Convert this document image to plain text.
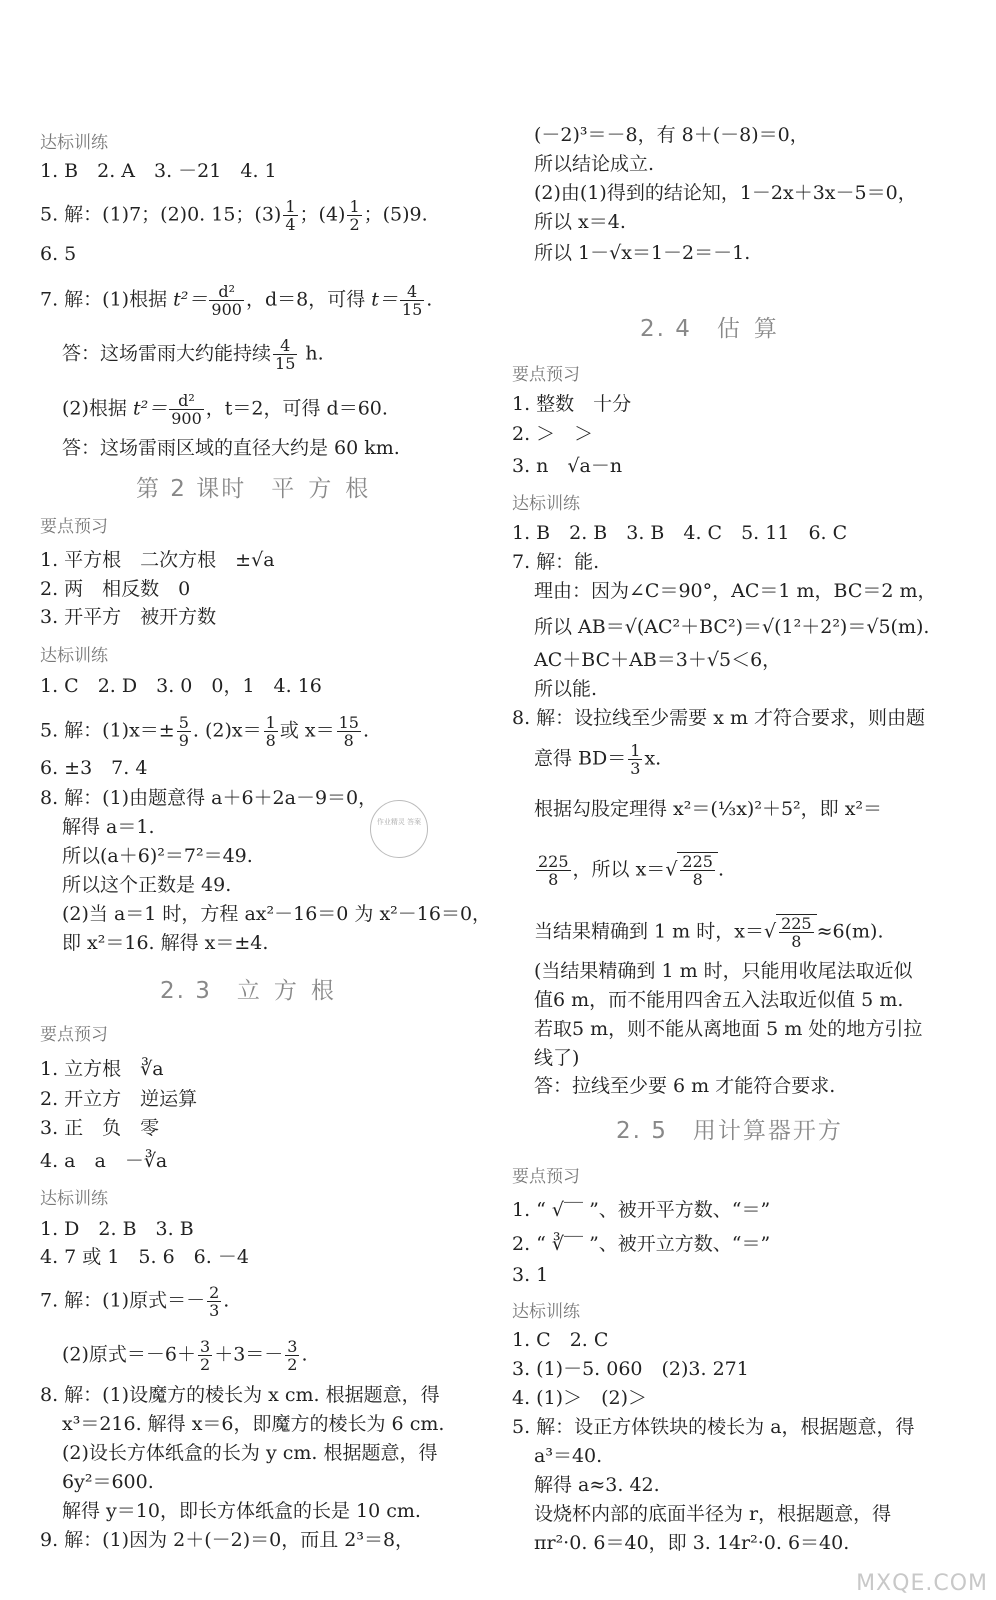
达标训练
1. B　2. A　3. －21　4. 1
5. 解：(1)7；(2)0. 15；$(3) \frac{1}{4}$ ；$(4) \frac{1}{2}$ ；(5)9.
6. 5
7. 解：(1)根据 $t^2= \frac{\text{d²}}{900}$ ，d＝8，可得 $t= \frac{4}{15}$ .
答：这场雷雨大约能持续 $\frac{4}{15} h$.
(2)根据 $t^2= \frac{\text{d²}}{900}$ ，t＝2，可得 d＝60.
答：这场雷雨区域的直径大约是 60 km.
第 2 课时　 平方根
要点预习
1. 平方根　二次方根　±√a
2. 两　相反数　0
3. 开平方　被开方数
达标训练
1. C　2. D　3. 0　0，1　4. 16
5. 解：$(1)x=\pm \frac{5}{9}$ . $(2)x= \frac{1}{8}$ 或 $x= \frac{15}{8}$ .
6. ±3　7. 4
8. 解：(1)由题意得 a＋6＋2a－9＝0，
解得 a＝1.
所以(a＋6)²＝7²＝49.
所以这个正数是 49.
(2)当 a＝1 时，方程 ax²－16＝0 为 x²－16＝0，
即 x²＝16. 解得 x＝±4.
2. 3　 立方根
要点预习
1. 立方根　∛a
2. 开立方　逆运算
3. 正　负　零
4. a　a　－∛a
达标训练
1. D　2. B　3. B
4. 7 或 1　5. 6　6. －4
7. 解：(1)原式＝－ $\frac{2}{3}$ .
(2)原式$=-6+ \frac{3}{2} +3=- \frac{3}{2}$ .
8. 解：(1)设魔方的棱长为 x cm. 根据题意，得
x³＝216. 解得 x＝6，即魔方的棱长为 6 cm.
(2)设长方体纸盒的长为 y cm. 根据题意，得
6y²＝600.
解得 y＝10，即长方体纸盒的长是 10 cm.
9. 解：(1)因为 2＋(－2)＝0，而且 2³＝8，
作业精灵 答案
(－2)³＝－8，有 8＋(－8)＝0，
所以结论成立.
(2)由(1)得到的结论知，1－2x＋3x－5＝0，
所以 x＝4.
所以 1－√x＝1－2＝－1.
2. 4　 估算
要点预习
1. 整数　十分
2. ＞　＞
3. n　√a－n
达标训练
1. B　2. B　3. B　4. C　5. 11　6. C
7. 解：能.
理由：因为∠C＝90°，AC＝1 m，BC＝2 m，
所以 AB＝√(AC²＋BC²)＝√(1²＋2²)＝√5(m).
AC＋BC＋AB＝3＋√5＜6，
所以能.
8. 解：设拉线至少需要 x m 才符合要求，则由题
意得 $BD= \frac{1}{3} x$.
根据勾股定理得 x²＝(⅓x)²＋5²，即 x²＝
$\frac{225}{8}$ ，所以 $x=√ \frac{225}{8}$ .
当结果精确到 1 m 时，$x=√ \frac{225}{8} \approx 6(m)$.
(当结果精确到 1 m 时，只能用收尾法取近似
值6 m，而不能用四舍五入法取近似值 5 m.
若取5 m，则不能从离地面 5 m 处的地方引拉
线了)
答：拉线至少要 6 m 才能符合要求.
2. 5　 用计算器开方
要点预习
1. “ √‾‾ ”、被开平方数、“＝”
2. “ ∛‾‾ ”、被开立方数、“＝”
3. 1
达标训练
1. C　2. C
3. (1)－5. 060　(2)3. 271
4. (1)＞　(2)＞
5. 解：设正方体铁块的棱长为 a，根据题意，得
a³＝40.
解得 a≈3. 42.
设烧杯内部的底面半径为 r，根据题意，得
πr²·0. 6＝40，即 3. 14r²·0. 6＝40.
MXQE.COM
